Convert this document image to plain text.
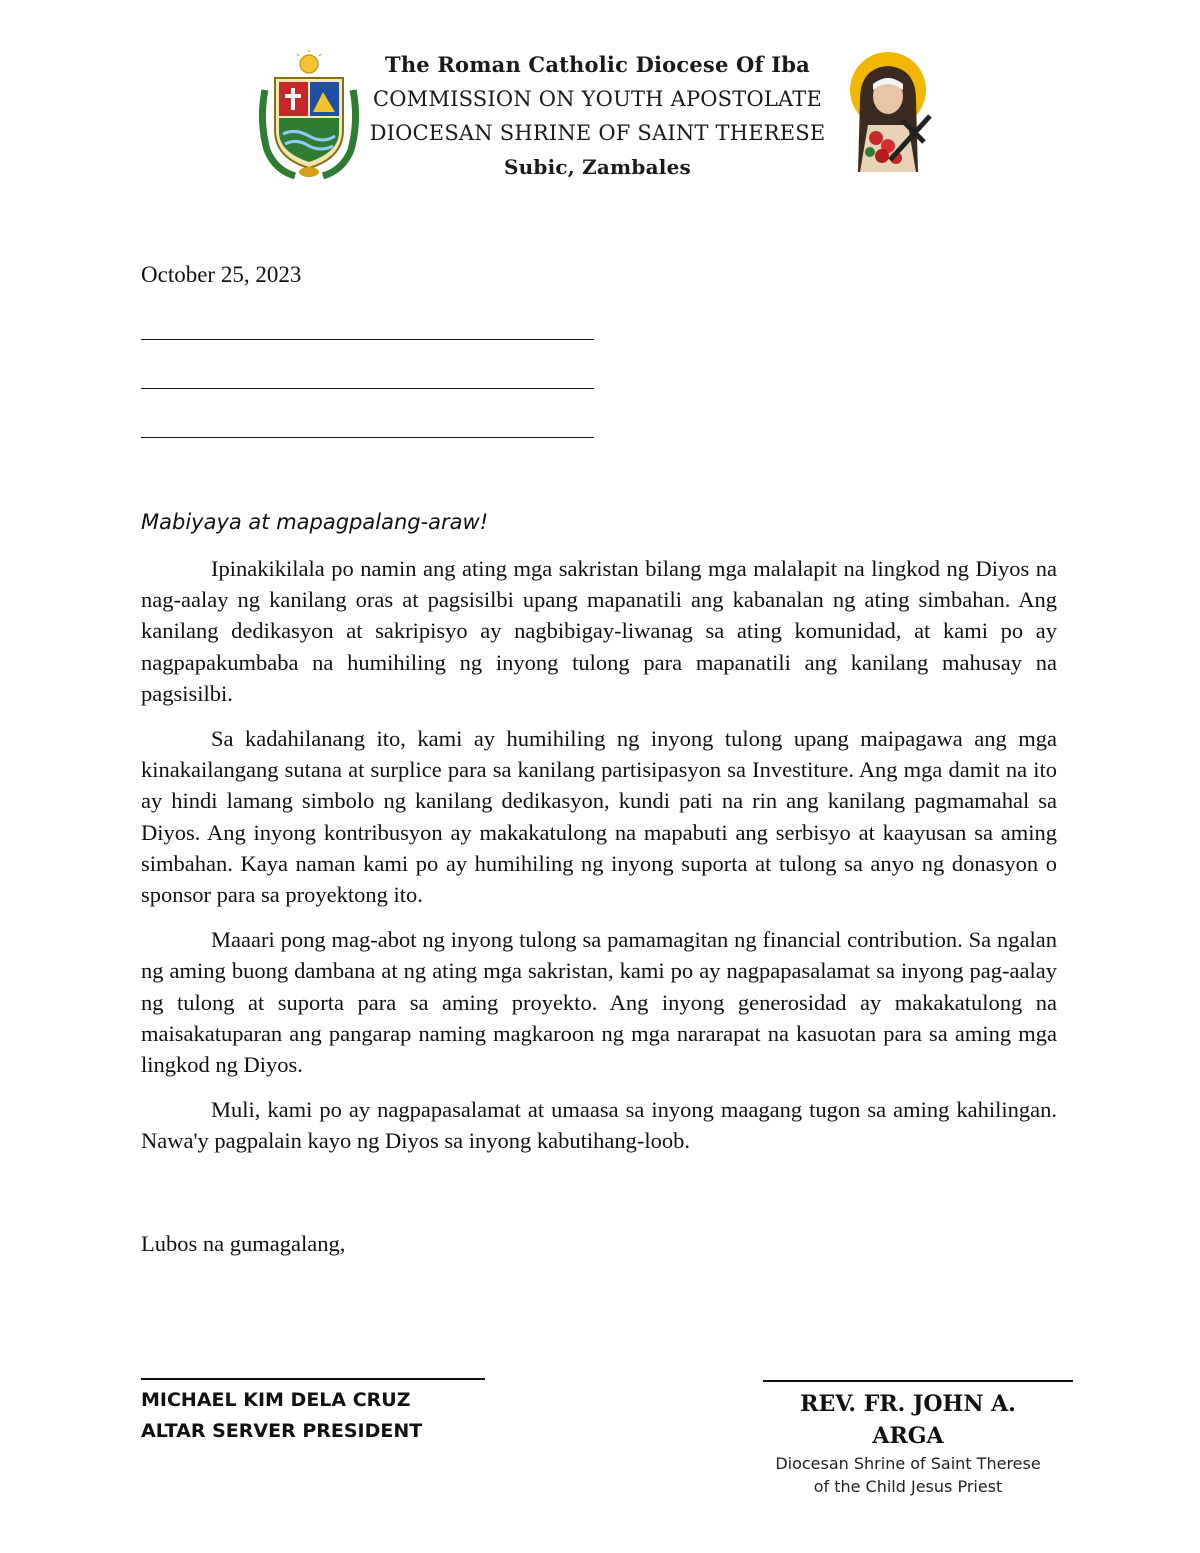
The Roman Catholic Diocese Of Iba
COMMISSION ON YOUTH APOSTOLATE
DIOCESAN SHRINE OF SAINT THERESE
Subic, Zambales
October 25, 2023
Mabiyaya at mapagpalang-araw!

Ipinakikilala po namin ang ating mga sakristan bilang mga malalapit na lingkod ng Diyos na nag-aalay ng kanilang oras at pagsisilbi upang mapanatili ang kabanalan ng ating simbahan. Ang kanilang dedikasyon at sakripisyo ay nagbibigay-liwanag sa ating komunidad, at kami po ay nagpapakumbaba na humihiling ng inyong tulong para mapanatili ang kanilang mahusay na pagsisilbi.

Sa kadahilanang ito, kami ay humihiling ng inyong tulong upang maipagawa ang mga kinakailangang sutana at surplice para sa kanilang partisipasyon sa Investiture. Ang mga damit na ito ay hindi lamang simbolo ng kanilang dedikasyon, kundi pati na rin ang kanilang pagmamahal sa Diyos. Ang inyong kontribusyon ay makakatulong na mapabuti ang serbisyo at kaayusan sa aming simbahan. Kaya naman kami po ay humihiling ng inyong suporta at tulong sa anyo ng donasyon o sponsor para sa proyektong ito.

Maaari pong mag-abot ng inyong tulong sa pamamagitan ng financial contribution. Sa ngalan ng aming buong dambana at ng ating mga sakristan, kami po ay nagpapasalamat sa inyong pag-aalay ng tulong at suporta para sa aming proyekto. Ang inyong generosidad ay makakatulong na maisakatuparan ang pangarap naming magkaroon ng mga nararapat na kasuotan para sa aming mga lingkod ng Diyos.

Muli, kami po ay nagpapasalamat at umaasa sa inyong maagang tugon sa aming kahilingan. Nawa'y pagpalain kayo ng Diyos sa inyong kabutihang-loob.

Lubos na gumagalang,
MICHAEL KIM DELA CRUZ
ALTAR SERVER PRESIDENT
REV. FR. JOHN A. ARGA
Diocesan Shrine of Saint Therese
of the Child Jesus Priest
